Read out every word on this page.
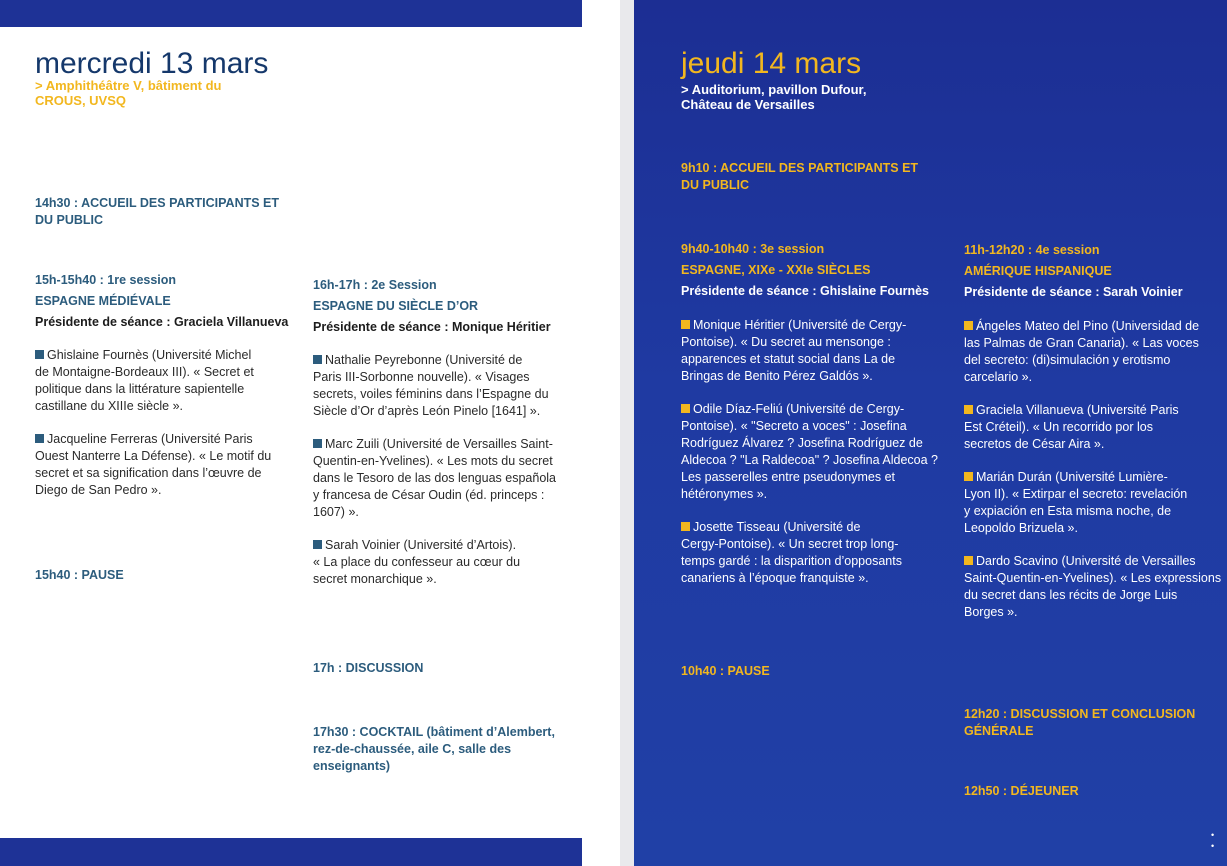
mercredi 13 mars
> Amphithéâtre V, bâtiment du
CROUS, UVSQ
14h30 : ACCUEIL DES PARTICIPANTS ET
DU PUBLIC
15h-15h40 : 1re session
ESPAGNE MÉDIÉVALE
Présidente de séance : Graciela Villanueva
Ghislaine Fournès (Université Michel
de Montaigne-Bordeaux III). « Secret et
politique dans la littérature sapientelle
castillane du XIIIe siècle ».
Jacqueline Ferreras (Université Paris
Ouest Nanterre La Défense). « Le motif du
secret et sa signification dans l’œuvre de
Diego de San Pedro ».
15h40 : PAUSE
16h-17h : 2e Session
ESPAGNE DU SIÈCLE D’OR
Présidente de séance : Monique Héritier
Nathalie Peyrebonne (Université de
Paris III-Sorbonne nouvelle). « Visages
secrets, voiles féminins dans l’Espagne du
Siècle d’Or d’après León Pinelo [1641] ».
Marc Zuili (Université de Versailles Saint-
Quentin-en-Yvelines). « Les mots du secret
dans le Tesoro de las dos lenguas española
y francesa de César Oudin (éd. princeps :
1607) ».
Sarah Voinier (Université d’Artois).
« La place du confesseur au cœur du
secret monarchique ».
17h : DISCUSSION
17h30 : COCKTAIL (bâtiment d’Alembert,
rez-de-chaussée, aile C, salle des
enseignants)
jeudi 14 mars
> Auditorium, pavillon Dufour,
Château de Versailles
9h10 : ACCUEIL DES PARTICIPANTS ET
DU PUBLIC
9h40-10h40 : 3e session
ESPAGNE, XIXe - XXIe SIÈCLES
Présidente de séance : Ghislaine Fournès
Monique Héritier (Université de Cergy-
Pontoise). « Du secret au mensonge :
apparences et statut social dans La de
Bringas de Benito Pérez Galdós ».
Odile Díaz-Feliú (Université de Cergy-
Pontoise). « "Secreto a voces" : Josefina
Rodríguez Álvarez ? Josefina Rodríguez de
Aldecoa ? "La Raldecoa" ? Josefina Aldecoa ?
Les passerelles entre pseudonymes et
hétéronymes ».
Josette Tisseau (Université de
Cergy-Pontoise). « Un secret trop long-
temps gardé : la disparition d’opposants
canariens à l’époque franquiste ».
10h40 : PAUSE
11h-12h20 : 4e session
AMÉRIQUE HISPANIQUE
Présidente de séance : Sarah Voinier
Ángeles Mateo del Pino (Universidad de
las Palmas de Gran Canaria). « Las voces
del secreto: (di)simulación y erotismo
carcelario ».
Graciela Villanueva (Université Paris
Est Créteil). « Un recorrido por los
secretos de César Aira ».
Marián Durán (Université Lumière-
Lyon II). « Extirpar el secreto: revelación
y expiación en Esta misma noche, de
Leopoldo Brizuela ».
Dardo Scavino (Université de Versailles
Saint-Quentin-en-Yvelines). « Les expressions
du secret dans les récits de Jorge Luis
Borges ».
12h20 : DISCUSSION ET CONCLUSION
GÉNÉRALE
12h50 : DÉJEUNER
•
•
